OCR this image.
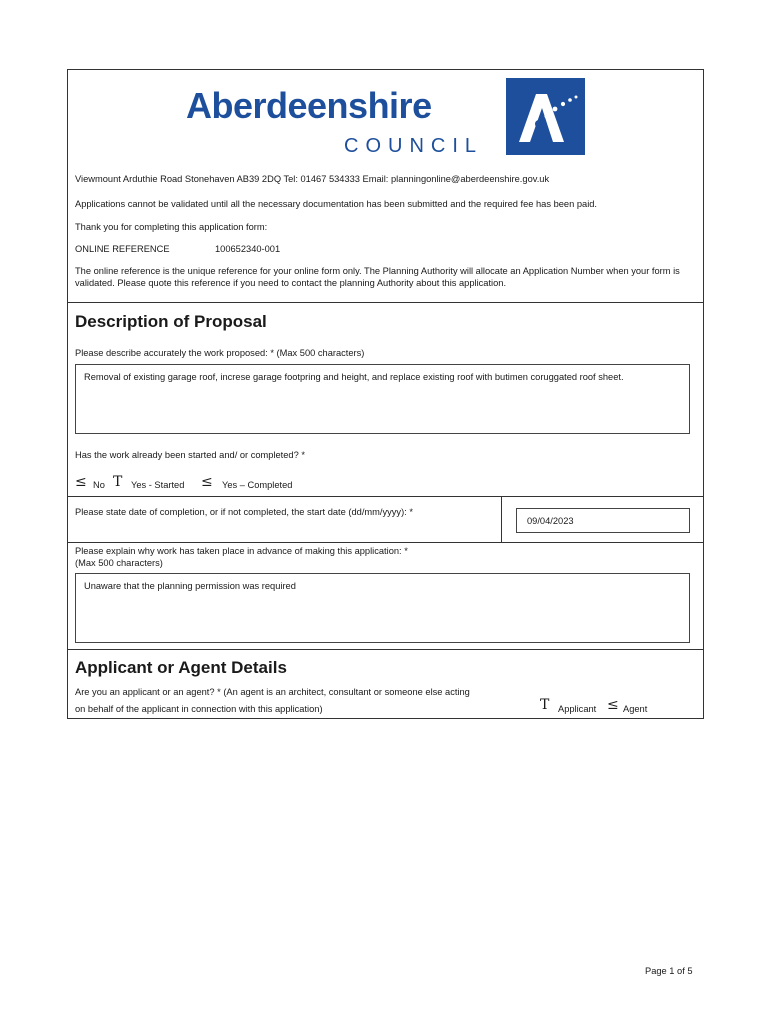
Aberdeenshire
COUNCIL
Viewmount Arduthie Road Stonehaven AB39 2DQ Tel: 01467 534333 Email: planningonline@aberdeenshire.gov.uk
Applications cannot be validated until all the necessary documentation has been submitted and the required fee has been paid.
Thank you for completing this application form:
ONLINE REFERENCE	100652340-001
The online reference is the unique reference for your online form only. The Planning Authority will allocate an Application Number when your form is validated. Please quote this reference if you need to contact the planning Authority about this application.
Description of Proposal
Please describe accurately the work proposed: * (Max 500 characters)
Removal of existing garage roof, increse garage footpring and height, and replace existing roof with butimen coruggated roof sheet.
Has the work already been started and/ or completed? *
≤ No T Yes - Started ≤ Yes – Completed
Please state date of completion, or if not completed, the start date (dd/mm/yyyy): *
09/04/2023
Please explain why work has taken place in advance of making this application: *
(Max 500 characters)
Unaware that the planning permission was required
Applicant or Agent Details
Are you an applicant or an agent? * (An agent is an architect, consultant or someone else acting
on behalf of the applicant in connection with this application)	T Applicant ≤ Agent
Page 1 of 5
